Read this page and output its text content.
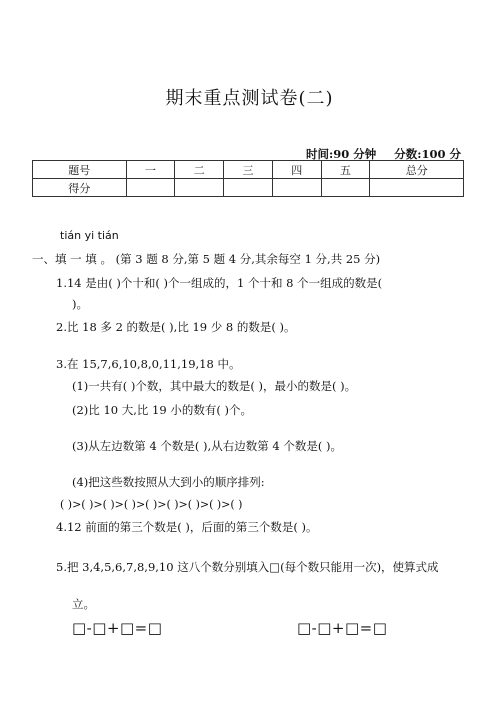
期末重点测试卷(二)
时间:90 分钟 分数:100 分
题号	一	二	三	四	五	总分
得分						
tián yi tián
一、填 一 填 。 (第 3 题 8 分,第 5 题 4 分,其余每空 1 分,共 25 分)
1.14 是由( )个十和( )个一组成的，1 个十和 8 个一组成的数是(
)。
2.比 18 多 2 的数是( ),比 19 少 8 的数是( )。
3.在 15,7,6,10,8,0,11,19,18 中。
(1)一共有( )个数，其中最大的数是( )，最小的数是( )。
(2)比 10 大,比 19 小的数有( )个。
(3)从左边数第 4 个数是( ),从右边数第 4 个数是( )。
(4)把这些数按照从大到小的顺序排列:
( )>( )>( )>( )>( )>( )>( )>( )>( )
4.12 前面的第三个数是( )，后面的第三个数是( )。
5.把 3,4,5,6,7,8,9,10 这八个数分别填入□(每个数只能用一次)，使算式成
立。
□-□+□=□	□-□+□=□
